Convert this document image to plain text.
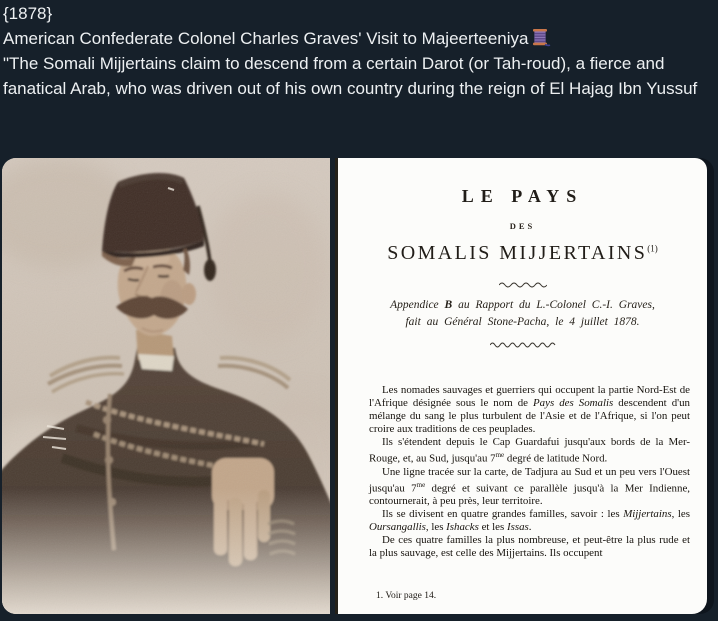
{1878}

American Confederate Colonel Charles Graves' Visit to Majeerteeniya

"The Somali Mijjertains claim to descend from a certain Darot (or Tah-roud), a fierce and fanatical Arab, who was driven out of his own country during the reign of El Hajag Ibn Yussuf

LE PAYS
DES
SOMALIS MIJJERTAINS$^{(1)}$
Appendice B au Rapport du L.-Colonel C.-I. Graves,
fait au Général Stone-Pacha, le 4 juillet 1878.

Les nomades sauvages et guerriers qui occupent la partie Nord-Est de l'Afrique désignée sous le nom de Pays des Somalis descendent d'un mélange du sang le plus turbulent de l'Asie et de l'Afrique, si l'on peut croire aux traditions de ces peuplades.

Ils s'étendent depuis le Cap Guardafui jusqu'aux bords de la Mer-Rouge, et, au Sud, jusqu'au $7^{me}$ degré de latitude Nord.

Une ligne tracée sur la carte, de Tadjura au Sud et un peu vers l'Ouest jusqu'au $7^{me}$ degré et suivant ce parallèle jusqu'à la Mer Indienne, contournerait, à peu près, leur territoire.

Ils se divisent en quatre grandes familles, savoir : les Mijjertains, les Oursangallis, les Ishacks et les Issas.

De ces quatre familles la plus nombreuse, et peut-être la plus rude et la plus sauvage, est celle des Mijjertains. Ils occupent

1. Voir page 14.
